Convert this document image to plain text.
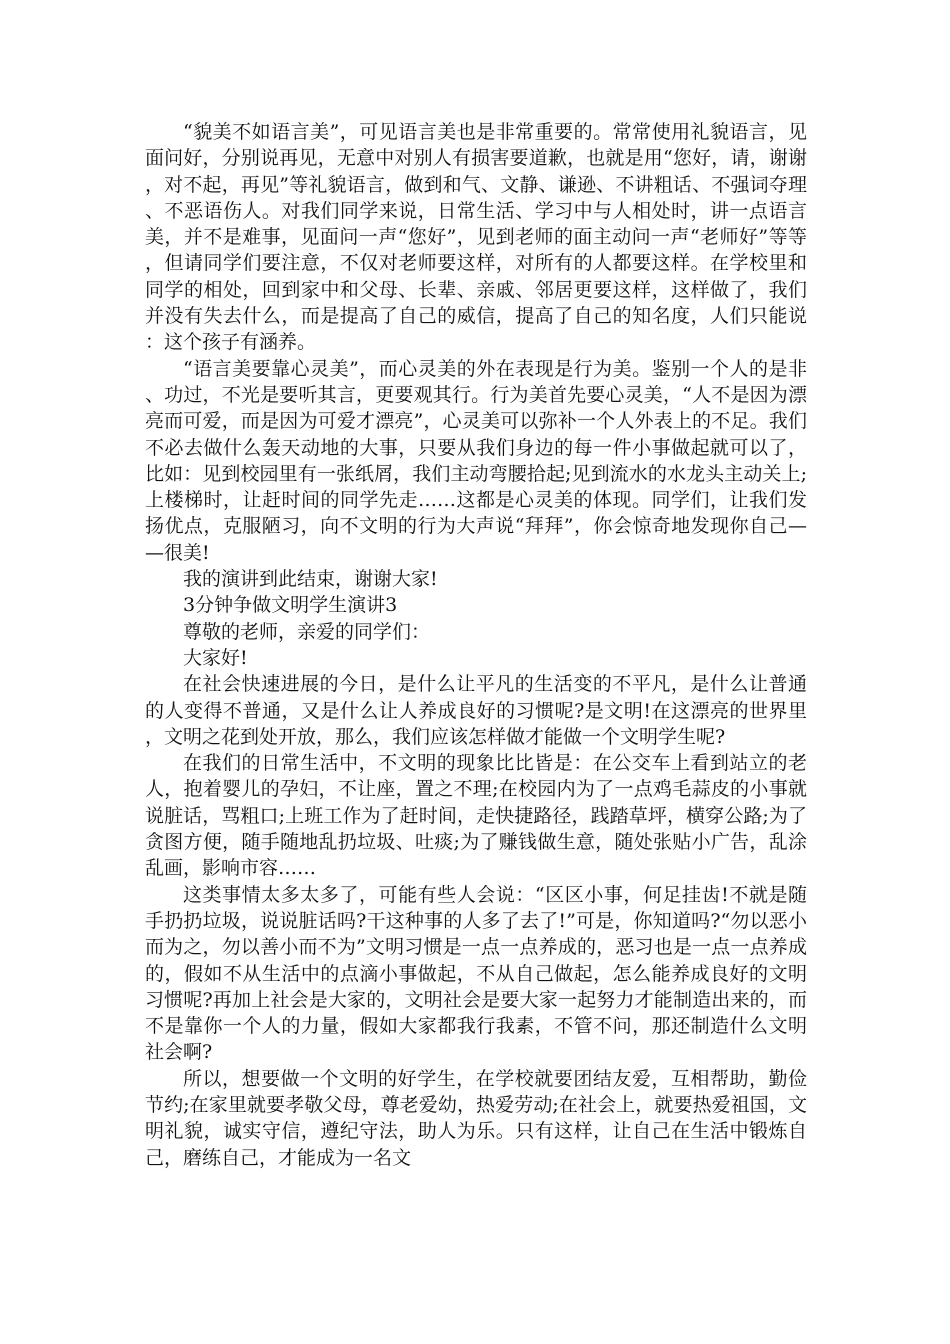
“貌美不如语言美”，可见语言美也是非常重要的。常常使用礼貌语言，见面问好，分别说再见，无意中对别人有损害要道歉，也就是用“您好，请，谢谢，对不起，再见”等礼貌语言，做到和气、文静、谦逊、不讲粗话、不强词夺理、不恶语伤人。对我们同学来说，日常生活、学习中与人相处时，讲一点语言美，并不是难事，见面问一声“您好”，见到老师的面主动问一声“老师好”等等，但请同学们要注意，不仅对老师要这样，对所有的人都要这样。在学校里和同学的相处，回到家中和父母、长辈、亲戚、邻居更要这样，这样做了，我们并没有失去什么，而是提高了自己的威信，提高了自己的知名度，人们只能说：这个孩子有涵养。

“语言美要靠心灵美”，而心灵美的外在表现是行为美。鉴别一个人的是非、功过，不光是要听其言，更要观其行。行为美首先要心灵美，“人不是因为漂亮而可爱，而是因为可爱才漂亮”，心灵美可以弥补一个人外表上的不足。我们不必去做什么轰天动地的大事，只要从我们身边的每一件小事做起就可以了，比如：见到校园里有一张纸屑，我们主动弯腰拾起;见到流水的水龙头主动关上;上楼梯时，让赶时间的同学先走……这都是心灵美的体现。同学们，让我们发扬优点，克服陋习，向不文明的行为大声说“拜拜”，你会惊奇地发现你自己——很美!

我的演讲到此结束，谢谢大家!

3分钟争做文明学生演讲3

尊敬的老师，亲爱的同学们：

大家好!

在社会快速进展的今日，是什么让平凡的生活变的不平凡，是什么让普通的人变得不普通，又是什么让人养成良好的习惯呢?是文明!在这漂亮的世界里，文明之花到处开放，那么，我们应该怎样做才能做一个文明学生呢?

在我们的日常生活中，不文明的现象比比皆是：在公交车上看到站立的老人，抱着婴儿的孕妇，不让座，置之不理;在校园内为了一点鸡毛蒜皮的小事就说脏话，骂粗口;上班工作为了赶时间，走快捷路径，践踏草坪，横穿公路;为了贪图方便，随手随地乱扔垃圾、吐痰;为了赚钱做生意，随处张贴小广告，乱涂乱画，影响市容……

这类事情太多太多了，可能有些人会说：“区区小事，何足挂齿!不就是随手扔扔垃圾，说说脏话吗?干这种事的人多了去了!”可是，你知道吗?“勿以恶小而为之，勿以善小而不为”文明习惯是一点一点养成的，恶习也是一点一点养成的，假如不从生活中的点滴小事做起，不从自己做起，怎么能养成良好的文明习惯呢?再加上社会是大家的，文明社会是要大家一起努力才能制造出来的，而不是靠你一个人的力量，假如大家都我行我素，不管不问，那还制造什么文明社会啊?

所以，想要做一个文明的好学生，在学校就要团结友爱，互相帮助，勤俭节约;在家里就要孝敬父母，尊老爱幼，热爱劳动;在社会上，就要热爱祖国，文明礼貌，诚实守信，遵纪守法，助人为乐。只有这样，让自己在生活中锻炼自己，磨练自己，才能成为一名文
